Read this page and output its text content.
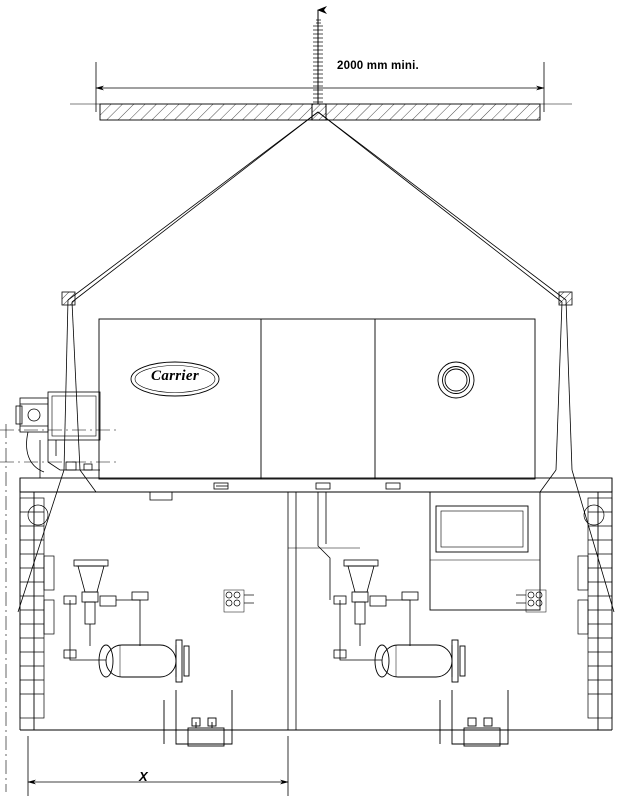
2000 mm mini.
Carrier
X
